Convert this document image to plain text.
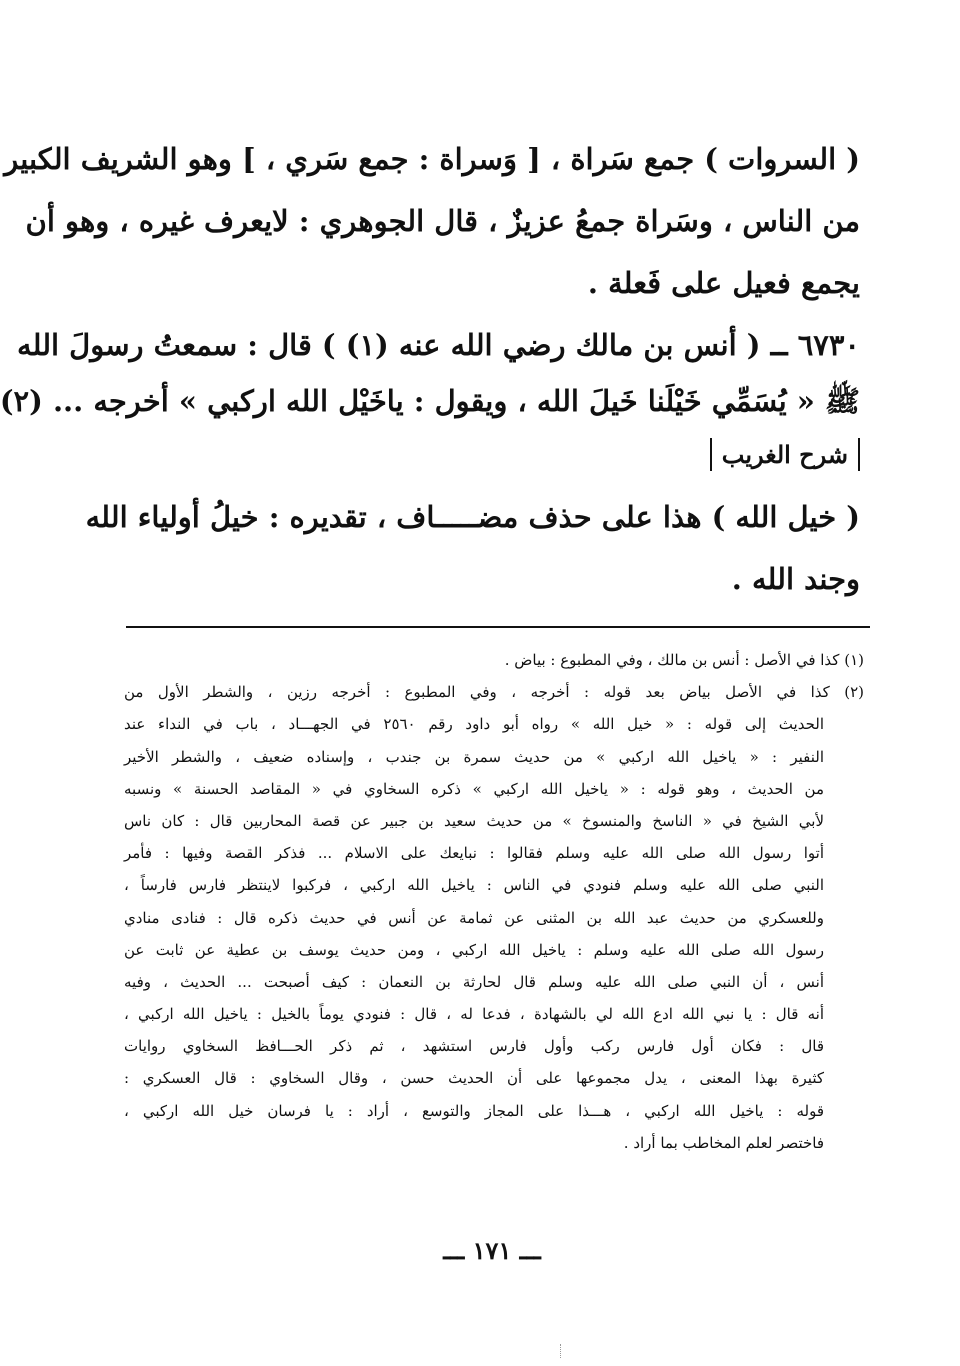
( السروات ) جمع سَراة ، [ وَسراة : جمع سَري ، ] وهو الشريف الكبير
من الناس ، وسَراة جمعُ عزيزٌ ، قال الجوهري : لايعرف غيره ، وهو أن
يجمع فعيل على فَعلة .
٦٧٣٠ ــ ( أنس بن مالك رضي الله عنه (١) ) قال : سمعتُ رسولَ الله
ﷺ « يُسَمِّي خَيْلَنا خَيلَ الله ، ويقول : ياخَيْل الله اركبي » أخرجه ... (٢)
شرح الغريب
( خيل الله ) هذا على حذف مضـــــاف ، تقديره : خيلُ أولياء الله
وجند الله .
(١) كذا في الأصل : أنس بن مالك ، وفي المطبوع : بياض .
(٢) كذا في الأصل بياض بعد قوله : أخرجه ، وفي المطبوع : أخرجه رزين ، والشطر الأول من
الحديث إلى قوله : « خيل الله » رواه أبو داود رقم ٢٥٦٠ في الجهـــاد ، باب في النداء عند
النفير : « ياخيل الله اركبي » من حديث سمرة بن جندب ، وإسناده ضعيف ، والشطر الأخير
من الحديث ، وهو قوله : « ياخيل الله اركبي » ذكره السخاوي في « المقاصد الحسنة » ونسبه
لأبي الشيخ في « الناسخ والمنسوخ » من حديث سعيد بن جبير عن قصة المحاربين قال : كان ناس
أتوا رسول الله صلى الله عليه وسلم فقالوا : نبايعك على الاسلام ... فذكر القصة وفيها : فأمر
النبي صلى الله عليه وسلم فنودي في الناس : ياخيل الله اركبي ، فركبوا لاينتظر فارس فارساً ،
وللعسكري من حديث عبد الله بن المثنى عن ثمامة عن أنس في حديث ذكره قال : فنادى منادي
رسول الله صلى الله عليه وسلم : ياخيل الله اركبي ، ومن حديث يوسف بن عطية عن ثابت عن
أنس ، أن النبي صلى الله عليه وسلم قال لحارثة بن النعمان : كيف أصبحت ... الحديث ، وفيه
أنه قال : يا نبي الله ادع الله لي بالشهادة ، فدعا له ، قال : فنودي يوماً بالخيل : ياخيل الله اركبي ،
قال : فكان أول فارس ركب وأول فارس استشهد ، ثم ذكر الحـــافظ السخاوي روايات
كثيرة بهذا المعنى ، يدل مجموعها على أن الحديث حسن ، وقال السخاوي : قال العسكري :
قوله : ياخيل الله اركبي ، هـــذا على المجاز والتوسع ، أراد : يا فرسان خيل الله اركبي ،
فاختصر لعلم المخاطب بما أراد .
ـــ ١٧١ ـــ
